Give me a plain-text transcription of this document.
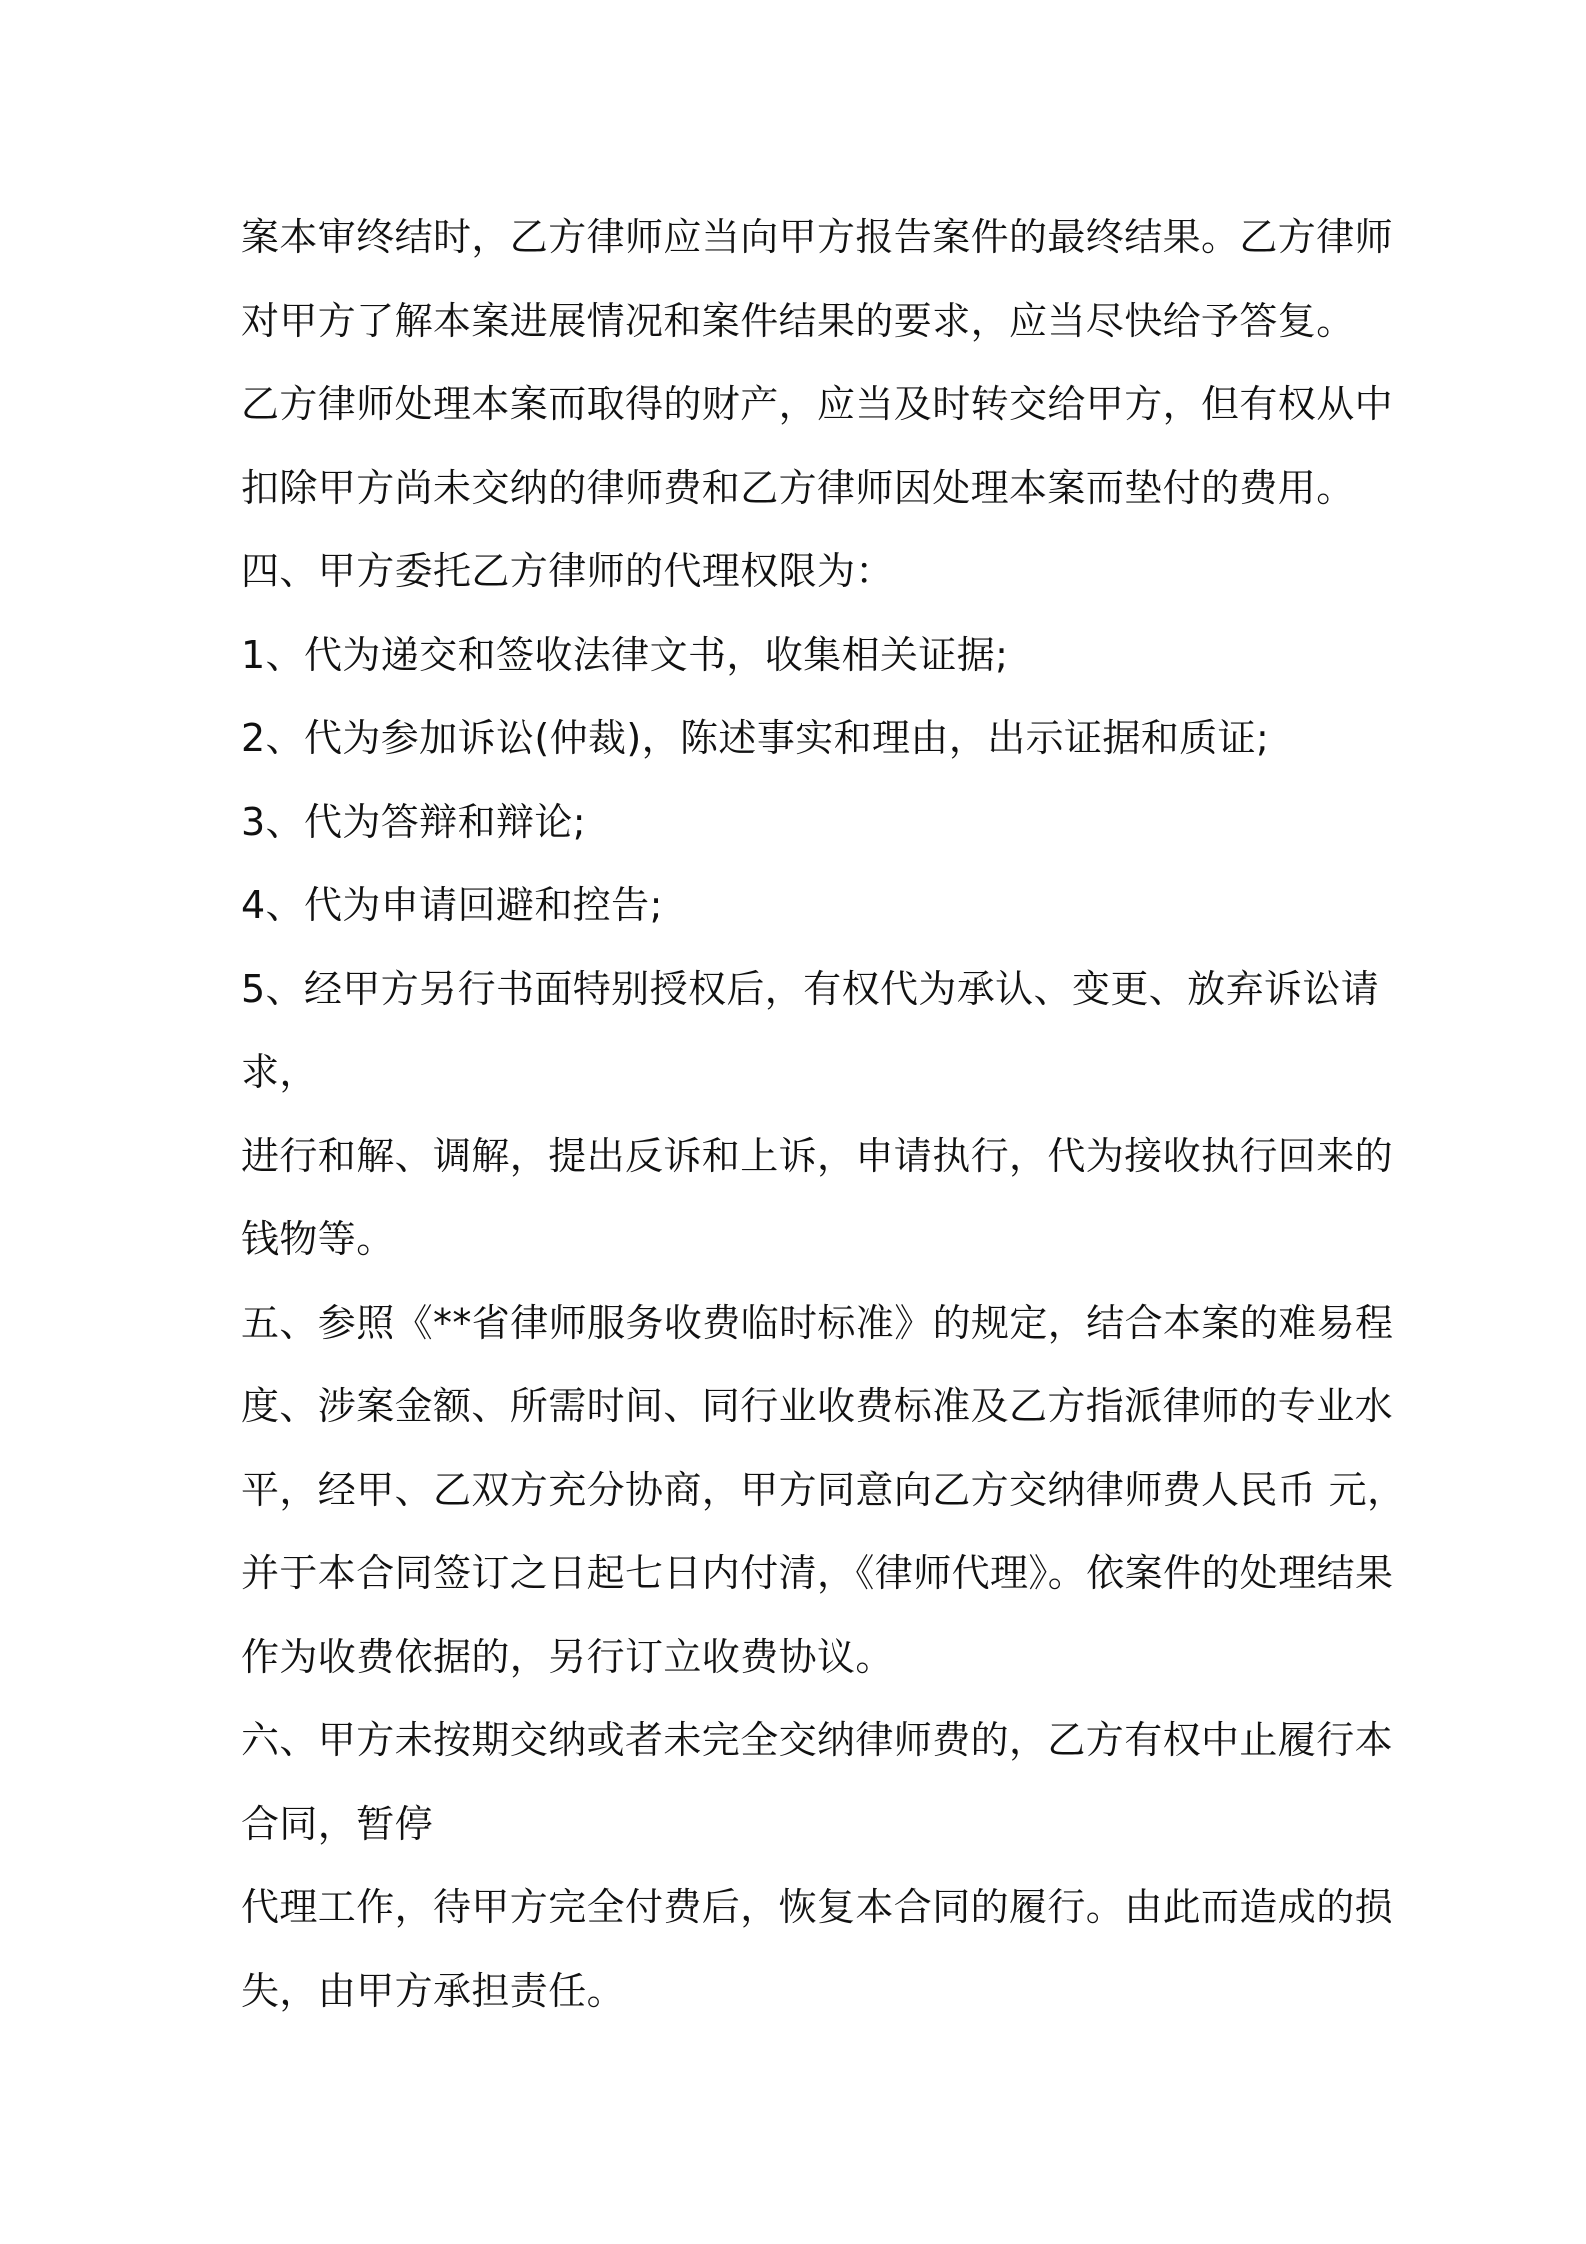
案本审终结时，乙方律师应当向甲方报告案件的最终结果。乙方律师
对甲方了解本案进展情况和案件结果的要求，应当尽快给予答复。
乙方律师处理本案而取得的财产，应当及时转交给甲方，但有权从中
扣除甲方尚未交纳的律师费和乙方律师因处理本案而垫付的费用。
四、甲方委托乙方律师的代理权限为：
1、代为递交和签收法律文书，收集相关证据;
2、代为参加诉讼(仲裁)，陈述事实和理由，出示证据和质证;
3、代为答辩和辩论;
4、代为申请回避和控告;
5、经甲方另行书面特别授权后，有权代为承认、变更、放弃诉讼请
求，
进行和解、调解，提出反诉和上诉，申请执行，代为接收执行回来的
钱物等。
五、参照《**省律师服务收费临时标准》的规定，结合本案的难易程
度、涉案金额、所需时间、同行业收费标准及乙方指派律师的专业水
平，经甲、乙双方充分协商，甲方同意向乙方交纳律师费人民币 元，
并于本合同签订之日起七日内付清，《律师代理》。依案件的处理结果
作为收费依据的，另行订立收费协议。
六、甲方未按期交纳或者未完全交纳律师费的，乙方有权中止履行本
合同，暂停
代理工作，待甲方完全付费后，恢复本合同的履行。由此而造成的损
失，由甲方承担责任。
